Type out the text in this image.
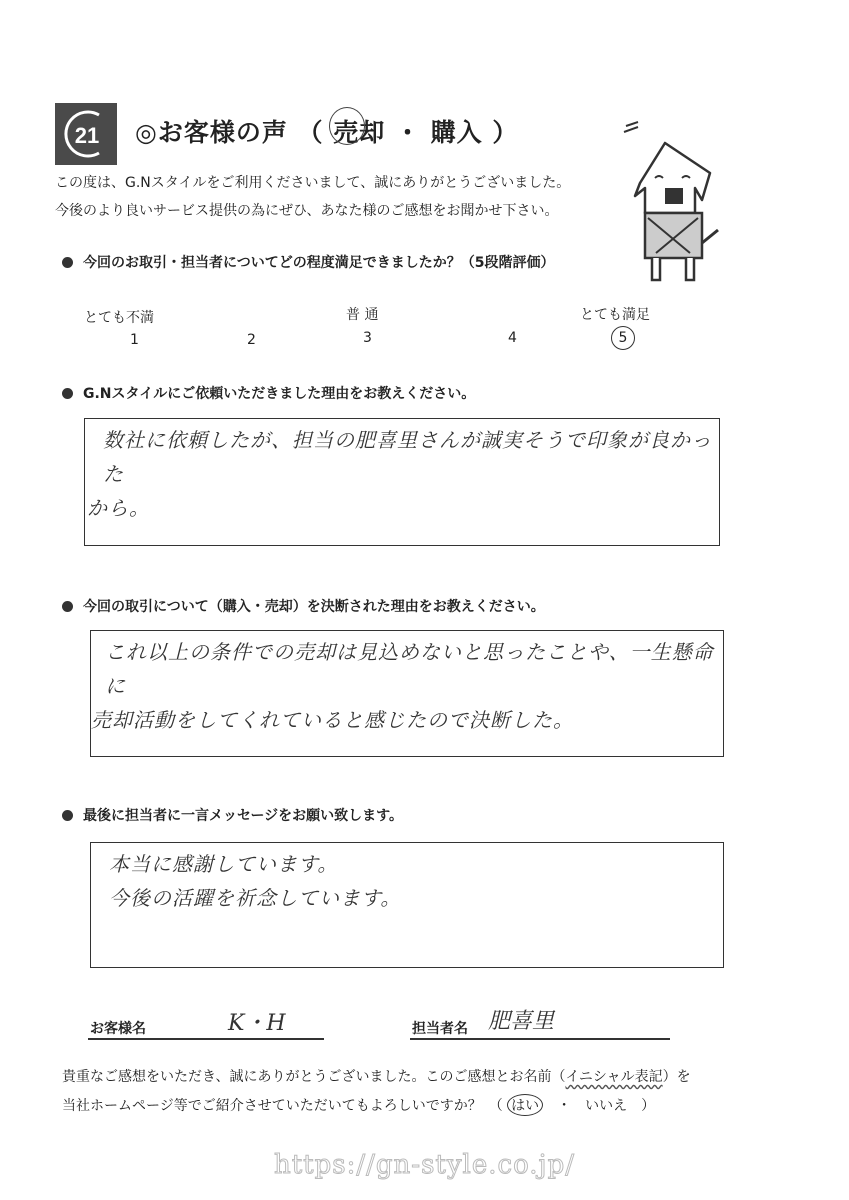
21 ◎お客様の声 （ 売却 ・ 購入 ）
この度は、G.Nスタイルをご利用くださいまして、誠にありがとうございました。
今後のより良いサービス提供の為にぜひ、あなた様のご感想をお聞かせ下さい。
今回のお取引・担当者についてどの程度満足できましたか？（5段階評価）
とても不満	普 通	とても満足
1	2	3	4	5
G.Nスタイルにご依頼いただきました理由をお教えください。
数社に依頼したが、担当の肥喜里さんが誠実そうで印象が良かった
から。
今回の取引について（購入・売却）を決断された理由をお教えください。
これ以上の条件での売却は見込めないと思ったことや、一生懸命に
売却活動をしてくれていると感じたので決断した。
最後に担当者に一言メッセージをお願い致します。
本当に感謝しています。
今後の活躍を祈念しています。
お客様名	K・H	担当者名 肥喜里
貴重なご感想をいただき、誠にありがとうございました。このご感想とお名前（イニシャル表記）を
当社ホームページ等でご紹介させていただいてもよろしいですか？　（ はい　・　いいえ　）
https://gn-style.co.jp/
